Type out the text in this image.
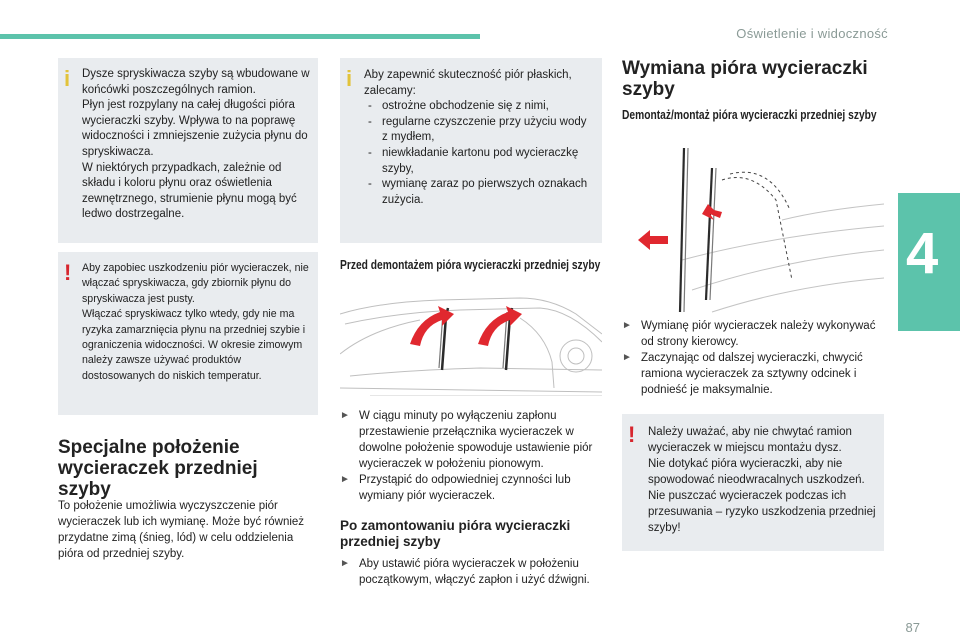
Oświetlenie i widoczność
4
i Dysze spryskiwacza szyby są wbudowane w końcówki poszczególnych ramion.

Płyn jest rozpylany na całej długości pióra wycieraczki szyby. Wpływa to na poprawę widoczności i zmniejszenie zużycia płynu do spryskiwacza.

W niektórych przypadkach, zależnie od składu i koloru płynu oraz oświetlenia zewnętrznego, strumienie płynu mogą być ledwo dostrzegalne.

! Aby zapobiec uszkodzeniu piór wycieraczek, nie włączać spryskiwacza, gdy zbiornik płynu do spryskiwacza jest pusty.

Włączać spryskiwacz tylko wtedy, gdy nie ma ryzyka zamarznięcia płynu na przedniej szybie i ograniczenia widoczności. W okresie zimowym należy zawsze używać produktów dostosowanych do niskich temperatur.

Specjalne położenie wycieraczek przedniej szyby

To położenie umożliwia wyczyszczenie piór wycieraczek lub ich wymianę. Może być również przydatne zimą (śnieg, lód) w celu oddzielenia pióra od przedniej szyby.

i Aby zapewnić skuteczność piór płaskich, zalecamy:

- ostrożne obchodzenie się z nimi,
- regularne czyszczenie przy użyciu wody z mydłem,
- niewkładanie kartonu pod wycieraczkę szyby,
- wymianę zaraz po pierwszych oznakach zużycia.
Przed demontażem pióra wycieraczki przedniej szyby
► W ciągu minuty po wyłączeniu zapłonu przestawienie przełącznika wycieraczek w dowolne położenie spowoduje ustawienie piór wycieraczek w położeniu pionowym.
► Przystąpić do odpowiedniej czynności lub wymiany piór wycieraczek.
Po zamontowaniu pióra wycieraczki przedniej szyby
► Aby ustawić pióra wycieraczek w położeniu początkowym, włączyć zapłon i użyć dźwigni.
Wymiana pióra wycieraczki szyby
Demontaż/montaż pióra wycieraczki przedniej szyby
► Wymianę piór wycieraczek należy wykonywać od strony kierowcy.
► Zaczynając od dalszej wycieraczki, chwycić ramiona wycieraczek za sztywny odcinek i podnieść je maksymalnie.
! Należy uważać, aby nie chwytać ramion wycieraczek w miejscu montażu dysz.

Nie dotykać pióra wycieraczki, aby nie spowodować nieodwracalnych uszkodzeń.

Nie puszczać wycieraczek podczas ich przesuwania – ryzyko uszkodzenia przedniej szyby!

87
